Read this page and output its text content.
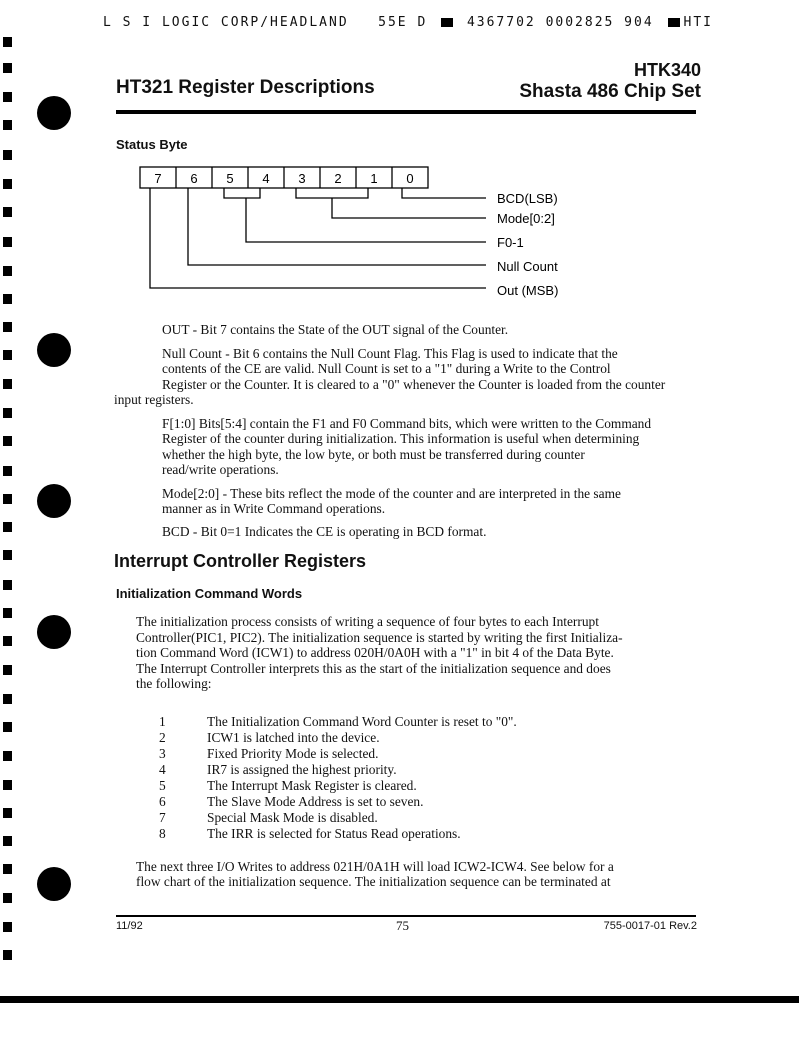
L S I LOGIC CORP/HEADLAND 55E D	4367702 0002825 904 HTI
HT321 Register Descriptions
HTK340
Shasta 486 Chip Set
Status Byte
7 6 5 4 3 2 1 0
BCD(LSB)
Mode[0:2]
F0-1
Null Count
Out (MSB)
OUT - Bit 7 contains the State of the OUT signal of the Counter.
Null Count - Bit 6 contains the Null Count Flag. This Flag is used to indicate that the
contents of the CE are valid. Null Count is set to a "1" during a Write to the Control
Register or the Counter. It is cleared to a "0" whenever the Counter is loaded from the counter
input registers.
F[1:0] Bits[5:4] contain the F1 and F0 Command bits, which were written to the Command
Register of the counter during initialization. This information is useful when determining
whether the high byte, the low byte, or both must be transferred during counter
read/write operations.
Mode[2:0] - These bits reflect the mode of the counter and are interpreted in the same
manner as in Write Command operations.
BCD - Bit 0=1 Indicates the CE is operating in BCD format.
Interrupt Controller Registers
Initialization Command Words
The initialization process consists of writing a sequence of four bytes to each Interrupt
Controller(PIC1, PIC2). The initialization sequence is started by writing the first Initializa-
tion Command Word (ICW1) to address 020H/0A0H with a "1" in bit 4 of the Data Byte.
The Interrupt Controller interprets this as the start of the initialization sequence and does
the following:
1	The Initialization Command Word Counter is reset to "0".
2	ICW1 is latched into the device.
3	Fixed Priority Mode is selected.
4	IR7 is assigned the highest priority.
5	The Interrupt Mask Register is cleared.
6	The Slave Mode Address is set to seven.
7	Special Mask Mode is disabled.
8	The IRR is selected for Status Read operations.
The next three I/O Writes to address 021H/0A1H will load ICW2-ICW4. See below for a
flow chart of the initialization sequence. The initialization sequence can be terminated at
11/92	75	755-0017-01 Rev.2
